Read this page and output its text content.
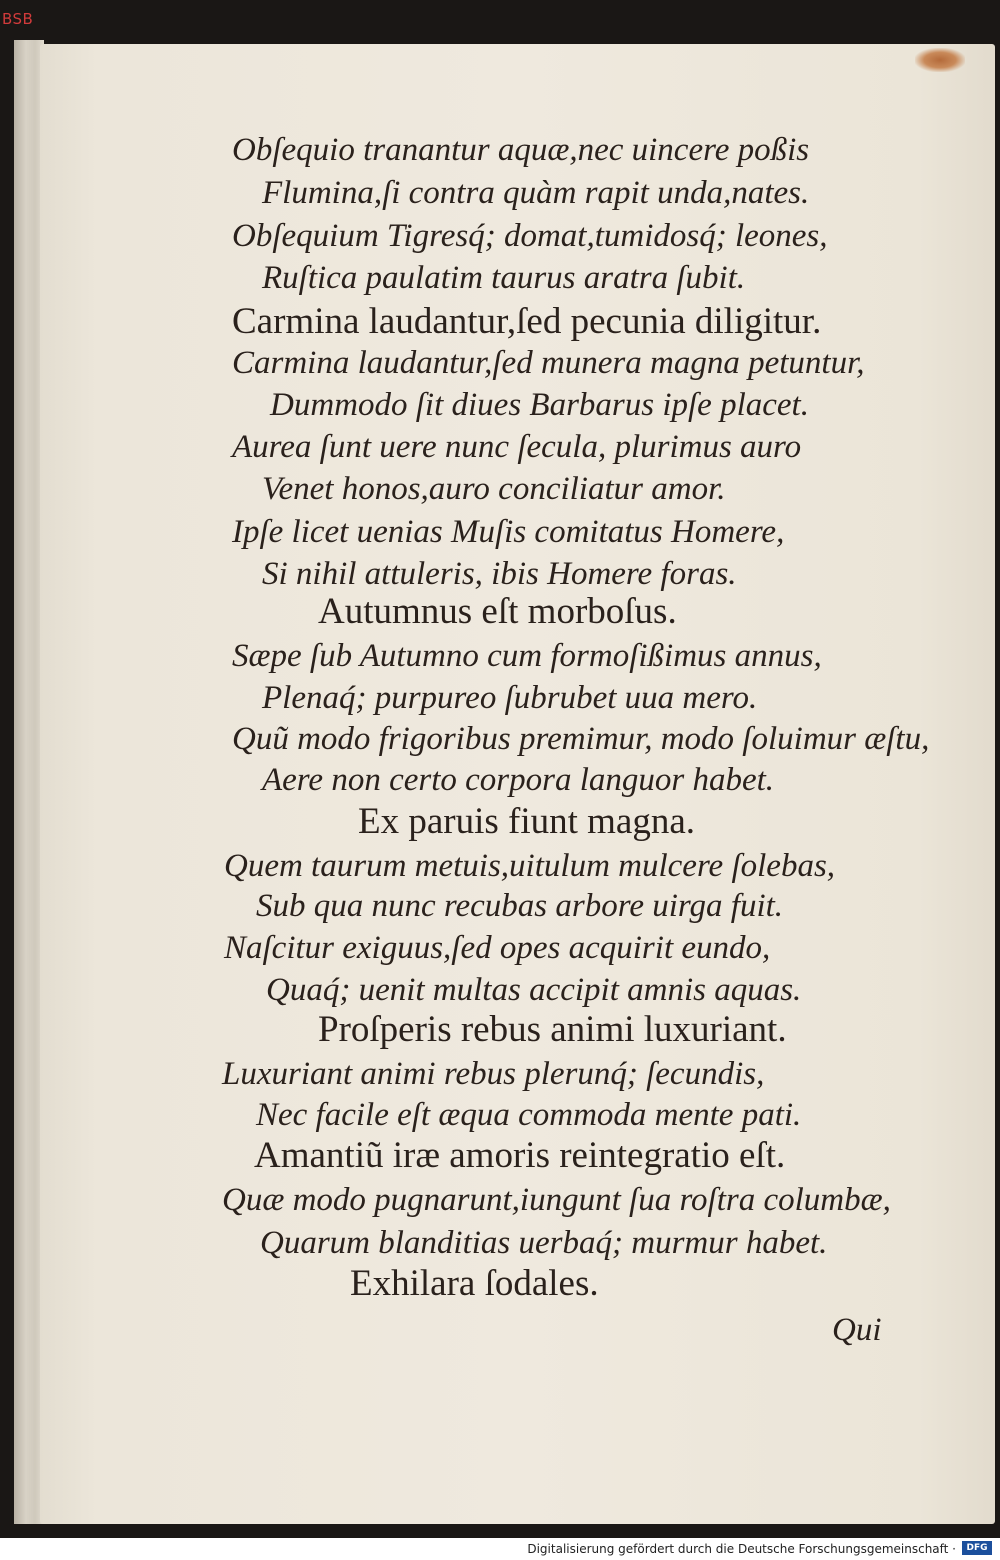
BSB
Obſequio tranantur aquæ,nec uincere poßis
Flumina,ſi contra quàm rapit unda,nates.
Obſequium Tigresq́; domat,tumidosq́; leones,
Ruſtica paulatim taurus aratra ſubit.
Carmina laudantur,ſed pecunia diligitur.
Carmina laudantur,ſed munera magna petuntur,
Dummodo ſit diues Barbarus ipſe placet.
Aurea ſunt uere nunc ſecula, plurimus auro
Venet honos,auro conciliatur amor.
Ipſe licet uenias Muſis comitatus Homere,
Si nihil attuleris, ibis Homere foras.
Autumnus eſt morboſus.
Sæpe ſub Autumno cum formoſißimus annus,
Plenaq́; purpureo ſubrubet uua mero.
Quũ modo frigoribus premimur, modo ſoluimur æſtu,
Aere non certo corpora languor habet.
Ex paruis fiunt magna.
Quem taurum metuis,uitulum mulcere ſolebas,
Sub qua nunc recubas arbore uirga fuit.
Naſcitur exiguus,ſed opes acquirit eundo,
Quaq́; uenit multas accipit amnis aquas.
Proſperis rebus animi luxuriant.
Luxuriant animi rebus plerunq́; ſecundis,
Nec facile eſt æqua commoda mente pati.
Amantiũ iræ amoris reintegratio eſt.
Quæ modo pugnarunt,iungunt ſua roſtra columbæ,
Quarum blanditias uerbaq́; murmur habet.
Exhilara ſodales.
Qui
Digitalisierung gefördert durch die Deutsche Forschungsgemeinschaft ·	DFG
